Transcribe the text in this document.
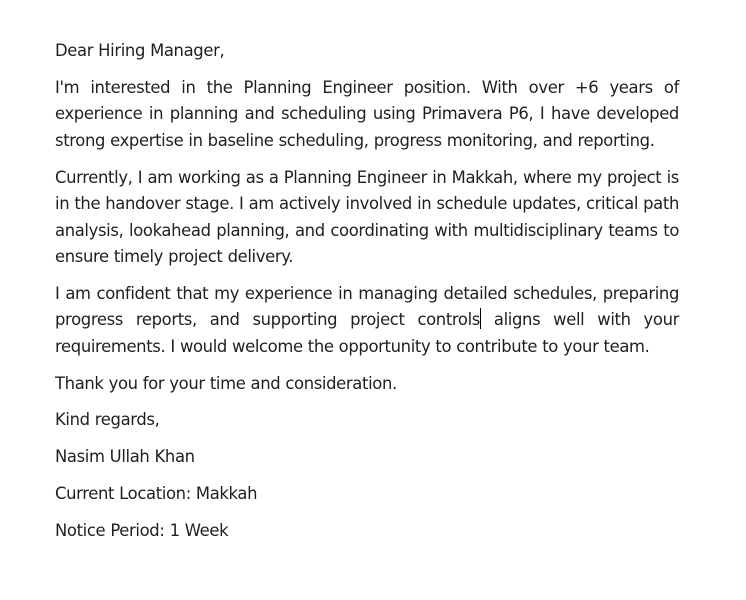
Dear Hiring Manager,

I'm interested in the Planning Engineer position. With over +6 years of experience in planning and scheduling using Primavera P6, I have developed strong expertise in baseline scheduling, progress monitoring, and reporting.

Currently, I am working as a Planning Engineer in Makkah, where my project is in the handover stage. I am actively involved in schedule updates, critical path analysis, lookahead planning, and coordinating with multidisciplinary teams to ensure timely project delivery.

I am confident that my experience in managing detailed schedules, preparing progress reports, and supporting project controls aligns well with your requirements. I would welcome the opportunity to contribute to your team.

Thank you for your time and consideration.

Kind regards,

Nasim Ullah Khan

Current Location: Makkah

Notice Period: 1 Week
